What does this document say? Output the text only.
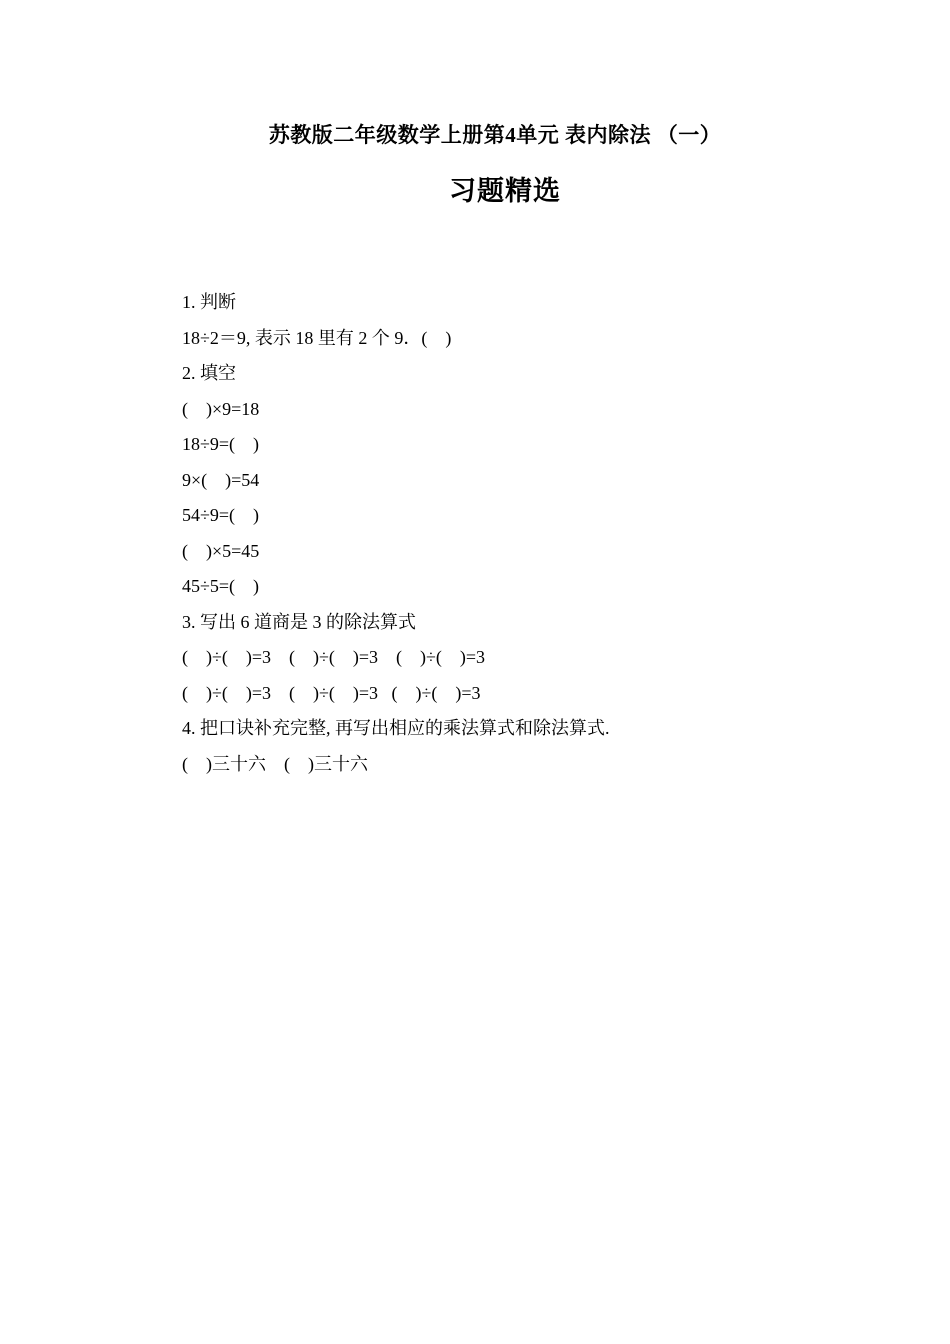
苏教版二年级数学上册第4单元 表内除法 （一）
习题精选
1. 判断
18÷2＝9, 表示 18 里有 2 个 9．(    )
2. 填空
(    )×9=18
18÷9=(    )
9×(    )=54
54÷9=(    )
(    )×5=45
45÷5=(    )
3. 写出 6 道商是 3 的除法算式
(    )÷(    )=3    (    )÷(    )=3    (    )÷(    )=3
(    )÷(    )=3    (    )÷(    )=3   (    )÷(    )=3
4. 把口诀补充完整, 再写出相应的乘法算式和除法算式.
(    )三十六    (    )三十六
